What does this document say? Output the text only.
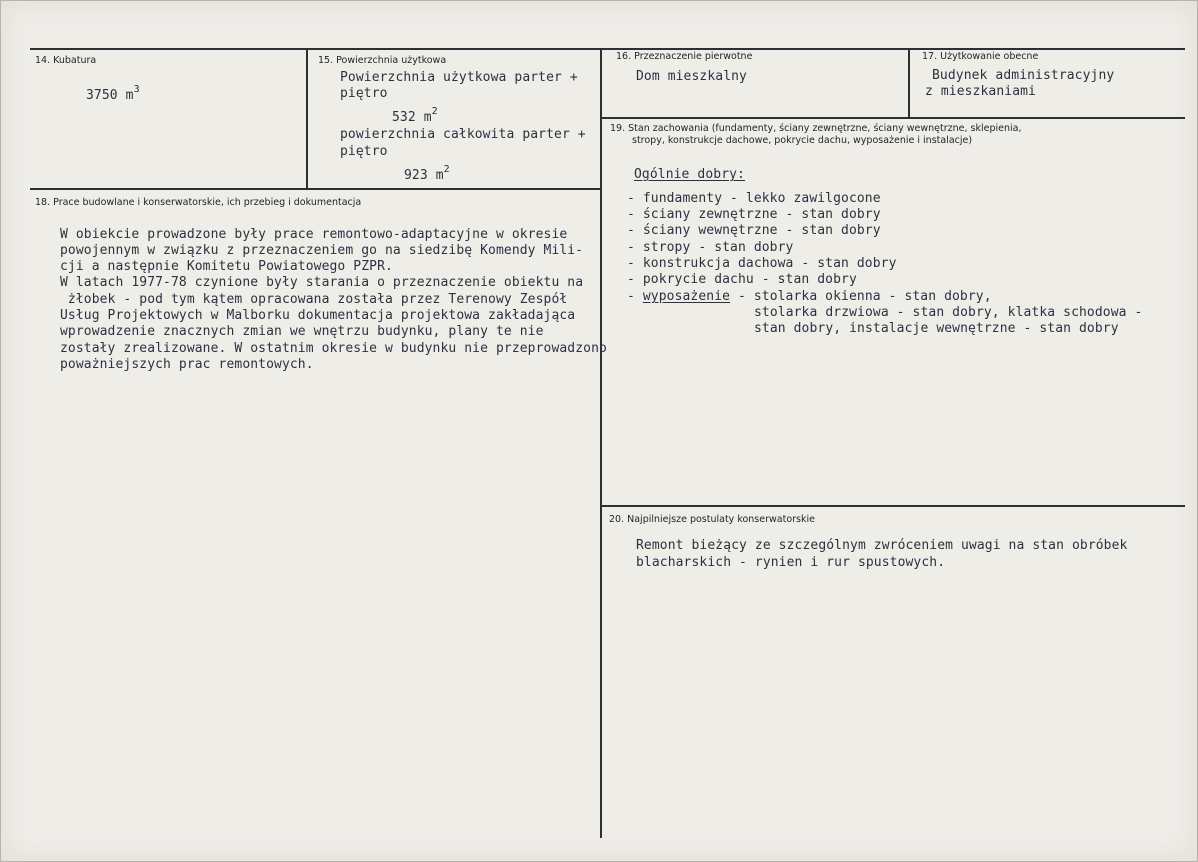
14. Kubatura
3750 $m^3$
15. Powierzchnia użytkowa
Powierzchnia użytkowa parter +
piętro
532 $m^2$
powierzchnia całkowita parter +
piętro
923 $m^2$
16. Przeznaczenie pierwotne
Dom mieszkalny
17. Użytkowanie obecne
Budynek administracyjny
z mieszkaniami
18. Prace budowlane i konserwatorskie, ich przebieg i dokumentacja
W obiekcie prowadzone były prace remontowo-adaptacyjne w okresie
powojennym w związku z przeznaczeniem go na siedzibę Komendy Mili-
cji a następnie Komitetu Powiatowego PZPR.
W latach 1977-78 czynione były starania o przeznaczenie obiektu na
żłobek - pod tym kątem opracowana została przez Terenowy Zespół
Usług Projektowych w Malborku dokumentacja projektowa zakładająca
wprowadzenie znacznych zmian we wnętrzu budynku, plany te nie
zostały zrealizowane. W ostatnim okresie w budynku nie przeprowadzono
poważniejszych prac remontowych.
19. Stan zachowania (fundamenty, ściany zewnętrzne, ściany wewnętrzne, sklepienia,
stropy, konstrukcje dachowe, pokrycie dachu, wyposażenie i instalacje)
Ogólnie dobry:
- fundamenty - lekko zawilgocone
- ściany zewnętrzne - stan dobry
- ściany wewnętrzne - stan dobry
- stropy - stan dobry
- konstrukcja dachowa - stan dobry
- pokrycie dachu - stan dobry
- wyposażenie - stolarka okienna - stan dobry,
stolarka drzwiowa - stan dobry, klatka schodowa -
stan dobry, instalacje wewnętrzne - stan dobry
20. Najpilniejsze postulaty konserwatorskie
Remont bieżący ze szczególnym zwróceniem uwagi na stan obróbek
blacharskich - rynien i rur spustowych.
